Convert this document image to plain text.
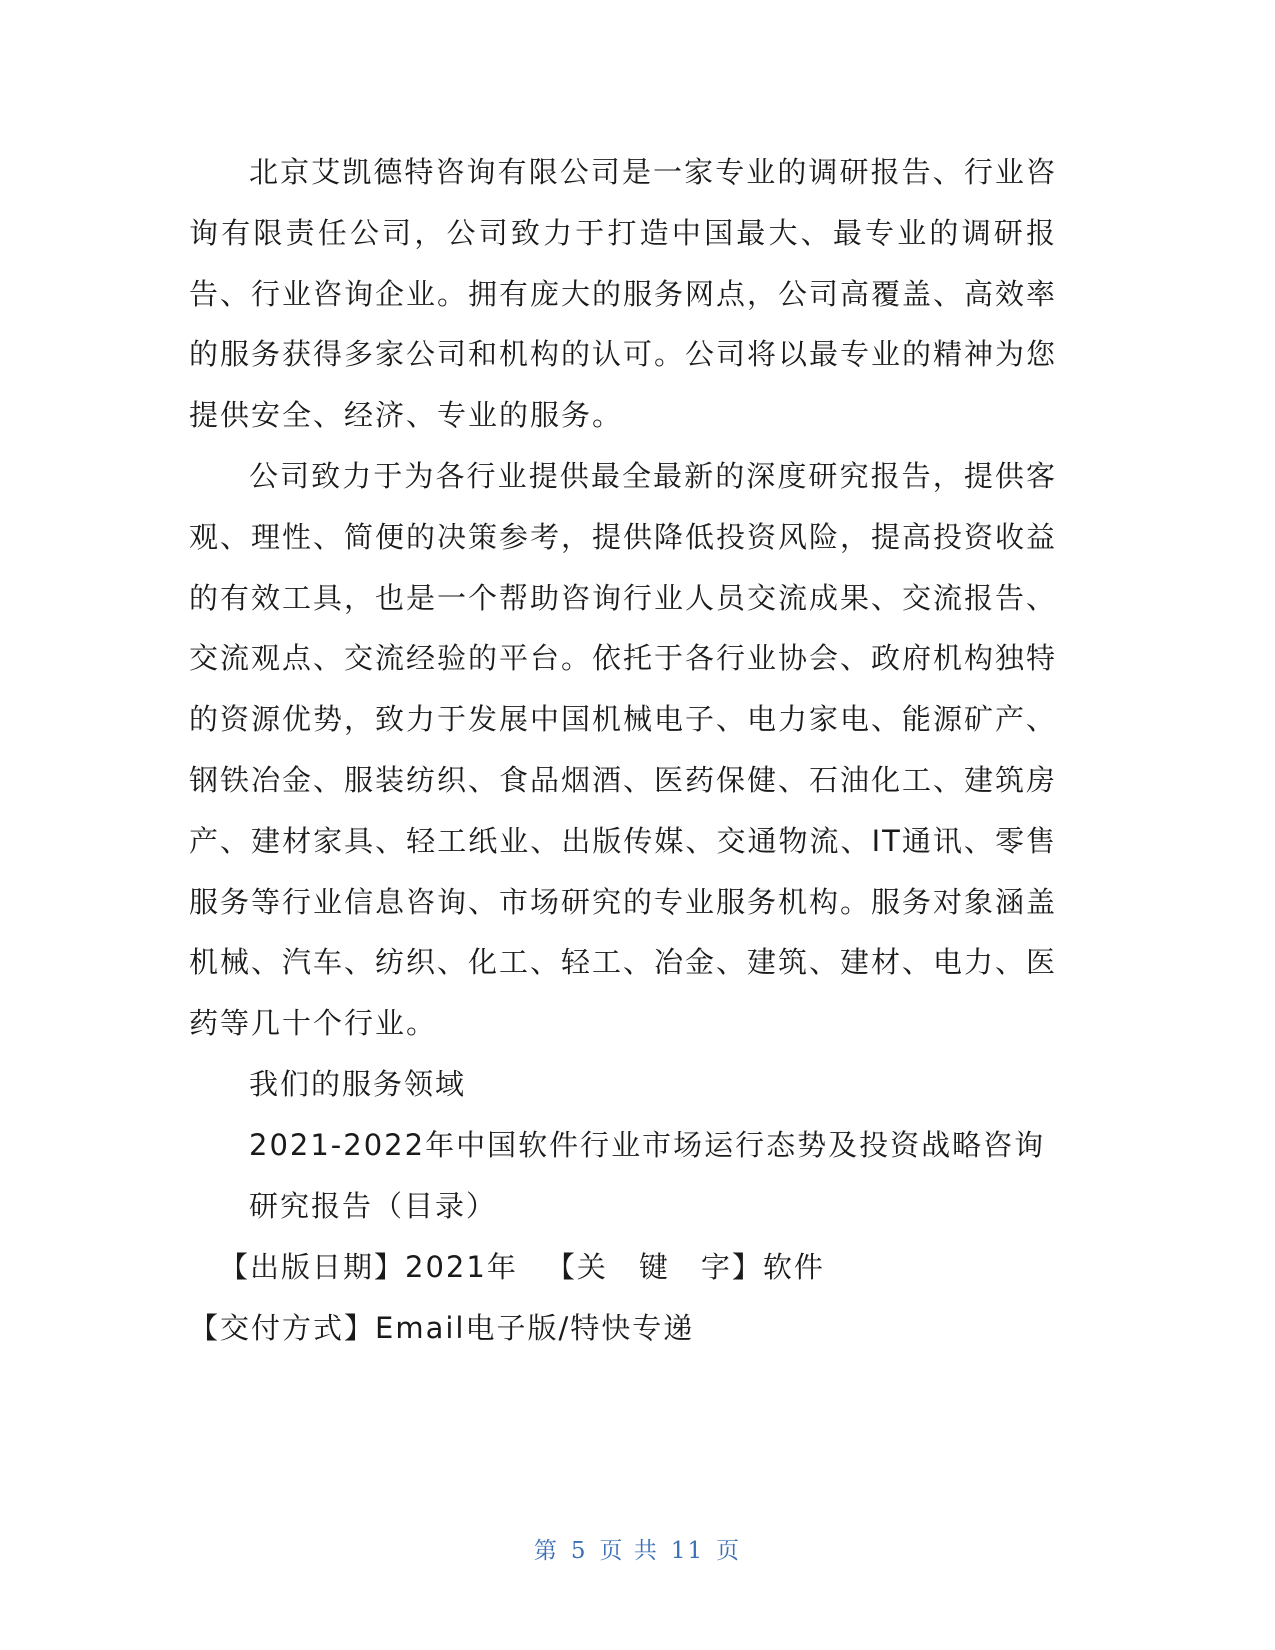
北京艾凯德特咨询有限公司是一家专业的调研报告、行业咨询有限责任公司，公司致力于打造中国最大、最专业的调研报告、行业咨询企业。拥有庞大的服务网点，公司高覆盖、高效率的服务获得多家公司和机构的认可。公司将以最专业的精神为您提供安全、经济、专业的服务。

公司致力于为各行业提供最全最新的深度研究报告，提供客观、理性、简便的决策参考，提供降低投资风险，提高投资收益的有效工具，也是一个帮助咨询行业人员交流成果、交流报告、交流观点、交流经验的平台。依托于各行业协会、政府机构独特的资源优势，致力于发展中国机械电子、电力家电、能源矿产、钢铁冶金、服装纺织、食品烟酒、医药保健、石油化工、建筑房产、建材家具、轻工纸业、出版传媒、交通物流、IT通讯、零售服务等行业信息咨询、市场研究的专业服务机构。服务对象涵盖机械、汽车、纺织、化工、轻工、冶金、建筑、建材、电力、医药等几十个行业。

我们的服务领域

2021-2022年中国软件行业市场运行态势及投资战略咨询研究报告（目录）

【出版日期】2021年 【关　键　字】软件

【交付方式】Email电子版/特快专递

第 5 页 共 11 页
